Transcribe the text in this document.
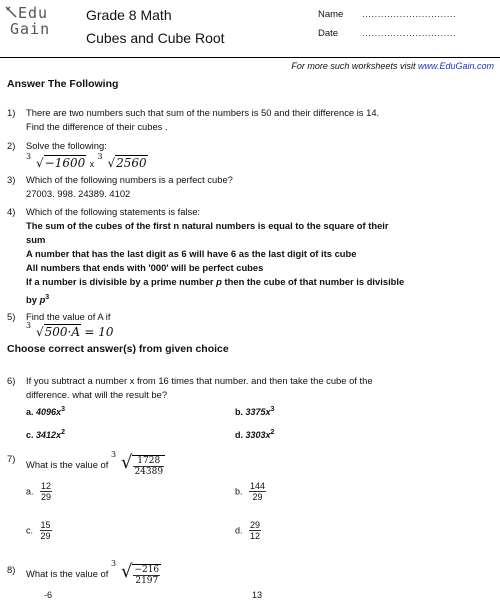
Edu
Gain
Grade 8 Math
Cubes and Cube Root
Name ..............................
Date	..............................
For more such worksheets visit www.EduGain.com
Answer The Following
1)	There are two numbers such that sum of the numbers is 50 and their difference is 14.
Find the difference of their cubes .
2)	Solve the following:
3 √−1600 x
3 √2560
3)	Which of the following numbers is a perfect cube?
27003. 998. 24389. 4102
4)	Which of the following statements is false:
The sum of the cubes of the first n natural numbers is equal to the square of their
sum
A number that has the last digit as 6 will have 6 as the last digit of its cube
All numbers that ends with '000' will be perfect cubes
If a number is divisible by a prime number p then the cube of that number is divisible
by $p^3$
5)	Find the value of A if
3 √500·A = 10
Choose correct answer(s) from given choice
6)	If you subtract a number x from 16 times that number. and then take the cube of the
difference. what will the result be?
a. $4096x^3$	b. $3375x^3$
c. $3412x^2$	d. $3303x^2$
7)
What is the value of
3 √ $\frac{1728}{24389}$
a. $\frac{12}{29}$	b. $\frac{144}{29}$
c. $\frac{15}{29}$	d. $\frac{29}{12}$
8)	What is the value of
3 √ $\frac{-216}{2197}$
-6	13
